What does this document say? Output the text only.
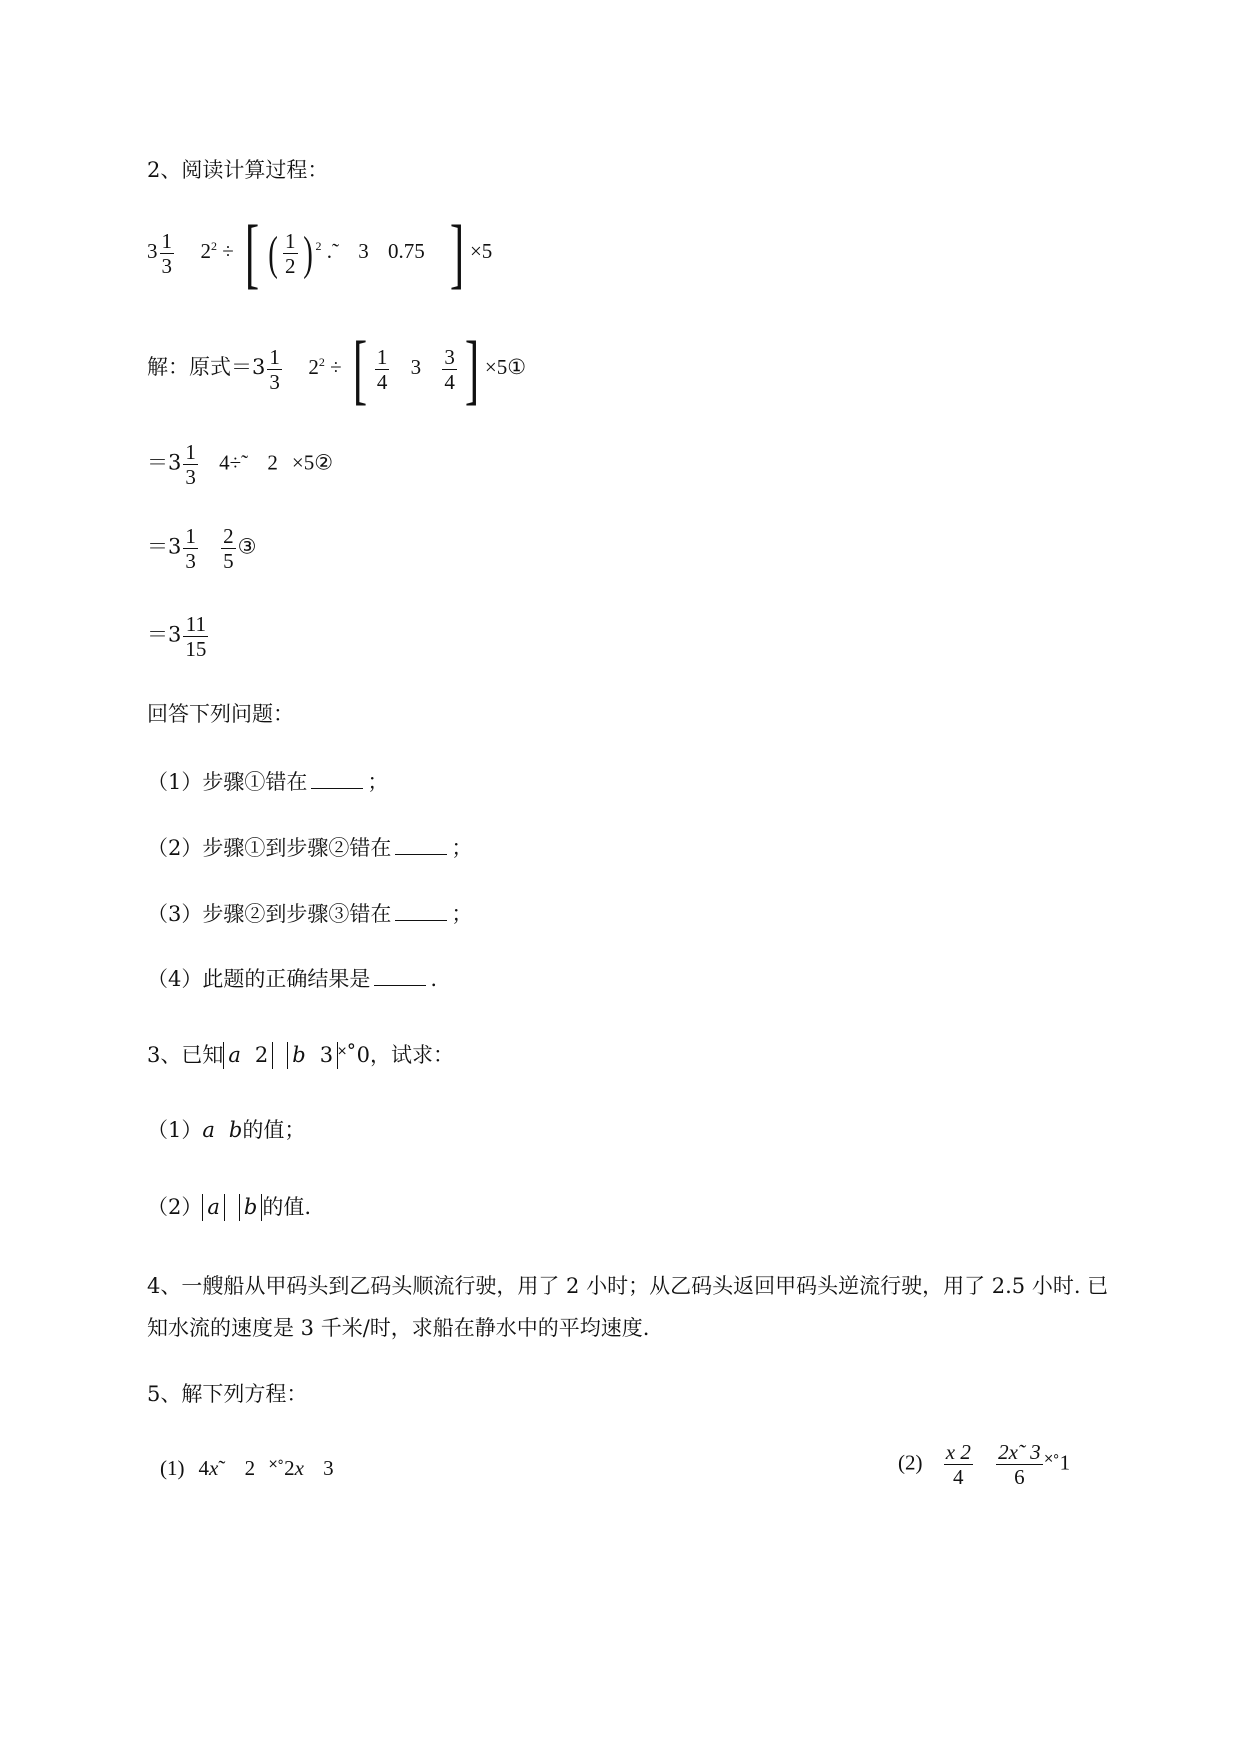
2、阅读计算过程：
$3 \frac{1}{3} 2^2$ ÷ [ ( $\frac{1}{2}$ ) $^2$ .˜ 3 0.75 ] ×5
解：原式$=3 \frac{1}{3} 2^2$ ÷ [ $\frac{1}{4} 3 \frac{3}{4}$ ] ×5①
$=3 \frac{1}{3}$ 4÷˜ 2 ×5②
$=3 \frac{1}{3}$
$\frac{2}{5}$ ③
$=3 \frac{11}{15}$
回答下列问题：
（1）步骤①错在	；
（2）步骤①到步骤②错在	；
（3）步骤②到步骤③错在	；
（4）此题的正确结果是	.
3、已知 a 2 b 3 ˟˚0，试求：
（1）a b的值；
（2） a b 的值.
4、一艘船从甲码头到乙码头顺流行驶，用了 2 小时；从乙码头返回甲码头逆流行驶，用了 2.5 小时. 已
知水流的速度是 3 千米/时，求船在静水中的平均速度.
5、解下列方程：
(1) 4x˜ 2 ˟˚2x 3	$(2) \frac{x 2}{4}$
$\frac{2x˜ 3}{6}$ ˟˚1
